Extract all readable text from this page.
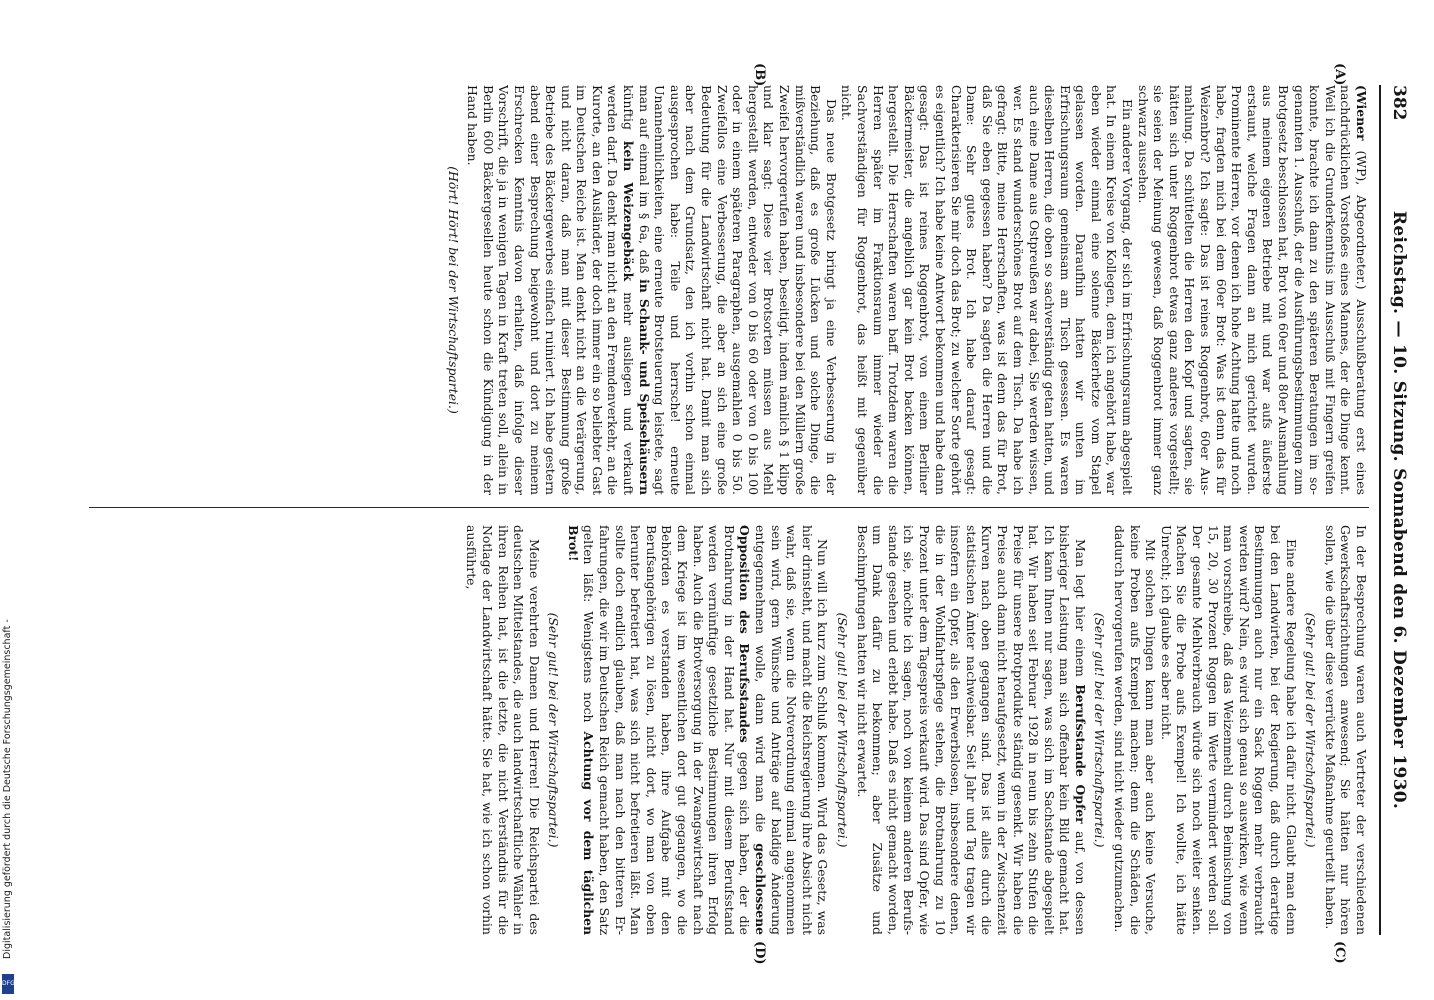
382
Reichstag. — 10. Sitzung. Sonnabend den 6. Dezember 1930.
(A)
(B)
(C)
(D)

(Wiener (WP), Abgeordneter.) Ausschußberatung erst eines nachdrücklichen Vorstoßes eines Mannes, der die Dinge kennt. Weil ich die Grunderkenntnis im Ausschuß mit Fingern greifen konnte, brachte ich dann zu den späteren Beratungen im sogenannten 1. Ausschuß, der die Ausführungsbestimmungen zum Brotgesetz beschlossen hat, Brot von 60er und 80er Ausmahlung aus meinem eigenen Betriebe mit und war aufs äußerste erstaunt, welche Fragen dann an mich gerichtet wurden. Prominente Herren, vor denen ich hohe Achtung hatte und noch habe, fragten mich bei dem 60er Brot: Was ist denn das für Weizenbrot? Ich sagte: Das ist reines Roggenbrot, 60er Ausmahlung. Da schüttelten die Herren den Kopf und sagten, sie hätten sich unter Roggenbrot etwas ganz anderes vorgestellt; sie seien der Meinung gewesen, daß Roggenbrot immer ganz schwarz aussehen.

Ein anderer Vorgang, der sich im Erfrischungsraum abgespielt hat. In einem Kreise von Kollegen, dem ich angehört habe, war eben wieder einmal eine solenne Bäckerhetze vom Stapel gelassen worden. Daraufhin hatten wir unten im Erfrischungsraum gemeinsam am Tisch gesessen. Es waren dieselben Herren, die oben so sachverständig getan hatten, und auch eine Dame aus Ostpreußen war dabei, Sie werden wissen, wer. Es stand wunderschönes Brot auf dem Tisch. Da habe ich gefragt: Bitte, meine Herrschaften, was ist denn das für Brot, daß Sie eben gegessen haben? Da sagten die Herren und die Dame: Sehr gutes Brot. Ich habe darauf gesagt: Charakterisieren Sie mir doch das Brot; zu welcher Sorte gehört es eigentlich? Ich habe keine Antwort bekommen und habe dann gesagt: Das ist reines Roggenbrot, von einem Berliner Bäckermeister, die angeblich gar kein Brot backen können, hergestellt. Die Herrschaften waren baff. Trotzdem waren die Herren später im Fraktionsraum immer wieder die Sachverständigen für Roggenbrot, das heißt mit gegenüber nicht.

Das neue Brotgesetz bringt ja eine Verbesserung in der Beziehung, daß es große Lücken und solche Dinge, die mißverständlich waren und insbesondere bei den Müllern große Zweifel hervorgerufen haben, beseitigt, indem nämlich § 1 klipp und klar sagt: Diese vier Brotsorten müssen aus Mehl hergestellt werden, entweder von 0 bis 60 oder von 0 bis 100 oder in einem späteren Paragraphen, ausgemahlen 0 bis 50. Zweifellos eine Verbesserung, die aber an sich eine große Bedeutung für die Landwirtschaft nicht hat. Damit man sich aber nach dem Grundsatz, den ich vorhin schon einmal ausgesprochen habe: Teile und herrsche! erneute Unannehmlichkeiten, eine erneute Brotsteuerung leistete, sagt man auf einmal im § 6a, daß in Schank- und Speisehäusern künftig kein Weizengebäck mehr ausliegen und verkauft werden darf. Da denkt man nicht an den Fremdenverkehr, an die Kurorte, an den Ausländer, der doch immer ein so beliebter Gast im Deutschen Reiche ist. Man denkt nicht an die Verärgerung, und nicht daran, daß man mit dieser Bestimmung große Betriebe des Bäckergewerbes einfach ruiniert. Ich habe gestern abend einer Besprechung beigewohnt und dort zu meinem Erschrecken Kenntnis davon erhalten, daß infolge dieser Vorschrift, die ja in wenigen Tagen in Kraft treten soll, allein in Berlin 600 Bäckergesellen heute schon die Kündigung in der Hand haben.

(Hört! Hört! bei der Wirtschaftspartei.)

In der Besprechung waren auch Vertreter der verschiedenen Gewerkschaftsrichtungen anwesend; Sie hätten nur hören sollen, wie die über diese verrückte Maßnahme geurteilt haben.

(Sehr gut! bei der Wirtschaftspartei.)

Eine andere Regelung habe ich dafür nicht. Glaubt man denn bei den Landwirten, bei der Regierung, daß durch derartige Bestimmungen auch nur ein Sack Roggen mehr verbraucht werden wird? Nein, es wird sich genau so auswirken, wie wenn man vorschreibe, daß das Weizenmehl durch Beimischung von 15, 20, 30 Prozent Roggen im Werte vermindert werden soll. Der gesamte Mehlverbrauch würde sich noch weiter senken. Machen Sie die Probe aufs Exempel! Ich wollte, ich hätte Unrecht; ich glaube es aber nicht.

Mit solchen Dingen kann man aber auch keine Versuche, keine Proben aufs Exempel machen; denn die Schäden, die dadurch hervorgerufen werden, sind nicht wieder gutzumachen.

(Sehr gut! bei der Wirtschaftspartei.)

Man legt hier einem Berufsstande Opfer auf, von dessen bisheriger Leistung man sich offenbar kein Bild gemacht hat. Ich kann Ihnen nur sagen, was sich im Sachstande abgespielt hat. Wir haben seit Februar 1928 in neun bis zehn Stufen die Preise für unsere Brotprodukte ständig gesenkt. Wir haben die Preise auch dann nicht heraufgesetzt, wenn in der Zwischenzeit Kurven nach oben gegangen sind. Das ist alles durch die statistischen Ämter nachweisbar. Seit Jahr und Tag tragen wir insofern ein Opfer, als den Erwerbslosen, insbesondere denen, die in der Wohlfahrtspflege stehen, die Brotnahrung zu 10 Prozent unter dem Tagespreis verkauft wird. Das sind Opfer, wie ich sie, möchte ich sagen, noch von keinem anderen Berufsstande gesehen und erlebt habe. Daß es nicht gemacht worden, um Dank dafür zu bekommen; aber Zusätze und Beschimpfungen hatten wir nicht erwartet.

(Sehr gut! bei der Wirtschaftspartei.)

Nun will ich kurz zum Schluß kommen. Wird das Gesetz, was hier drinsteht, und macht die Reichsregierung ihre Absicht nicht wahr, daß sie, wenn die Notverordnung einmal angenommen sein wird, gern Wünsche und Anträge auf baldige Änderung entgegennehmen wolle, dann wird man die geschlossene Opposition des Berufsstandes gegen sich haben, der die Brotnahrung in der Hand hat. Nur mit diesem Berufsstand werden vernünftige gesetzliche Bestimmungen ihren Erfolg haben. Auch die Brotversorgung in der Zwangswirtschaft nach dem Kriege ist im wesentlichen dort gut gegangen, wo die Behörden es verstanden haben, ihre Aufgabe mit den Berufsangehörigen zu lösen, nicht dort, wo man von oben herunter befretiert hat, was sich nicht befretieren läßt. Man sollte doch endlich glauben, daß man nach den bitteren Erfahrungen, die wir im Deutschen Reich gemacht haben, den Satz gelten läßt: Wenigstens noch Achtung vor dem täglichen Brot!

(Sehr gut! bei der Wirtschaftspartei.)

Meine verehrten Damen und Herren! Die Reichspartei des deutschen Mittelstandes, die auch landwirtschaftliche Wähler in ihren Reihen hat, ist die letzte, die nicht Verständnis für die Notlage der Landwirtschaft hätte. Sie hat, wie ich schon vorhin ausführte,

Digitalisierung gefördert durch die Deutsche Forschungsgemeinschaft -
DFG
